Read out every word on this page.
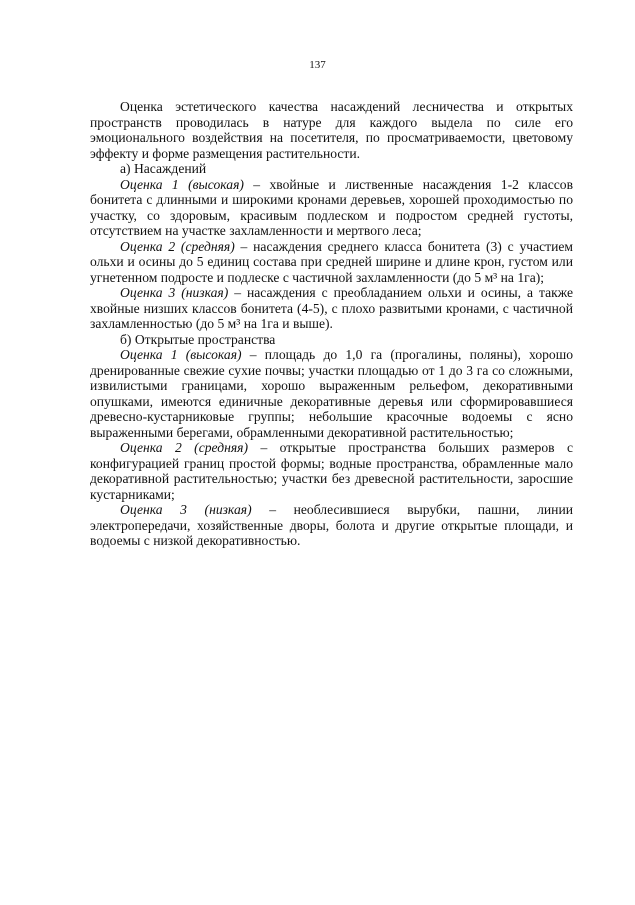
137

Оценка эстетического качества насаждений лесничества и открытых пространств проводилась в натуре для каждого выдела по силе его эмоционального воздействия на посетителя, по просматриваемости, цветовому эффекту и форме размещения растительности.

а) Насаждений

Оценка 1 (высокая) – хвойные и лиственные насаждения 1-2 классов бонитета с длинными и широкими кронами деревьев, хорошей проходимостью по участку, со здоровым, красивым подлеском и подростом средней густоты, отсутствием на участке захламленности и мертвого леса;

Оценка 2 (средняя) – насаждения среднего класса бонитета (3) с участием ольхи и осины до 5 единиц состава при средней ширине и длине крон, густом или угнетенном подросте и подлеске с частичной захламленности (до 5 м³ на 1га);

Оценка 3 (низкая) – насаждения с преобладанием ольхи и осины, а также хвойные низших классов бонитета (4-5), с плохо развитыми кронами, с частичной захламленностью (до 5 м³ на 1га и выше).

б) Открытые пространства

Оценка 1 (высокая) – площадь до 1,0 га (прогалины, поляны), хорошо дренированные свежие сухие почвы; участки площадью от 1 до 3 га со сложными, извилистыми границами, хорошо выраженным рельефом, декоративными опушками, имеются единичные декоративные деревья или сформировавшиеся древесно-кустарниковые группы; небольшие красочные водоемы с ясно выраженными берегами, обрамленными декоративной растительностью;

Оценка 2 (средняя) – открытые пространства больших размеров с конфигурацией границ простой формы; водные пространства, обрамленные мало декоративной растительностью; участки без древесной растительности, заросшие кустарниками;

Оценка 3 (низкая) – необлесившиеся вырубки, пашни, линии электропередачи, хозяйственные дворы, болота и другие открытые площади, и водоемы с низкой декоративностью.
